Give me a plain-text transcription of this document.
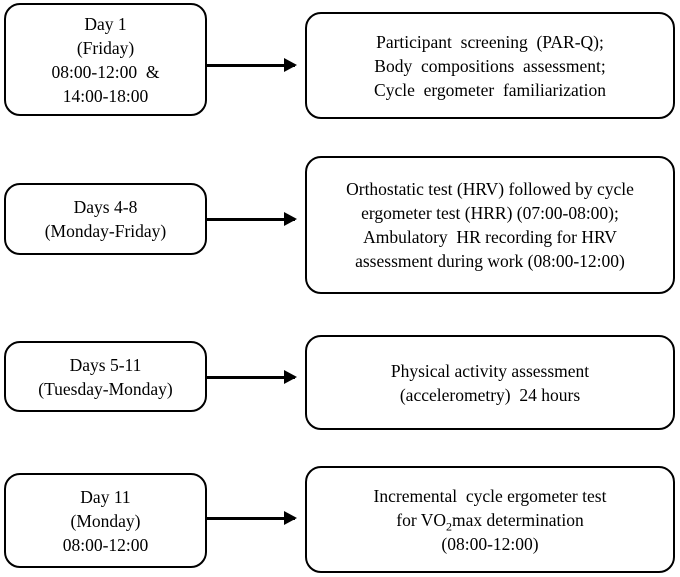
Day 1
(Friday)
08:00-12:00  &
14:00-18:00
Participant  screening  (PAR-Q);
Body  compositions  assessment;
Cycle  ergometer  familiarization
Days 4-8
(Monday-Friday)
Orthostatic test (HRV) followed by cycle
ergometer test (HRR) (07:00-08:00);
Ambulatory  HR recording for HRV
assessment during work (08:00-12:00)
Days 5-11
(Tuesday-Monday)
Physical activity assessment
(accelerometry)  24 hours
Day 11
(Monday)
08:00-12:00
Incremental  cycle ergometer test
for $VO_2\max$ determination
(08:00-12:00)
